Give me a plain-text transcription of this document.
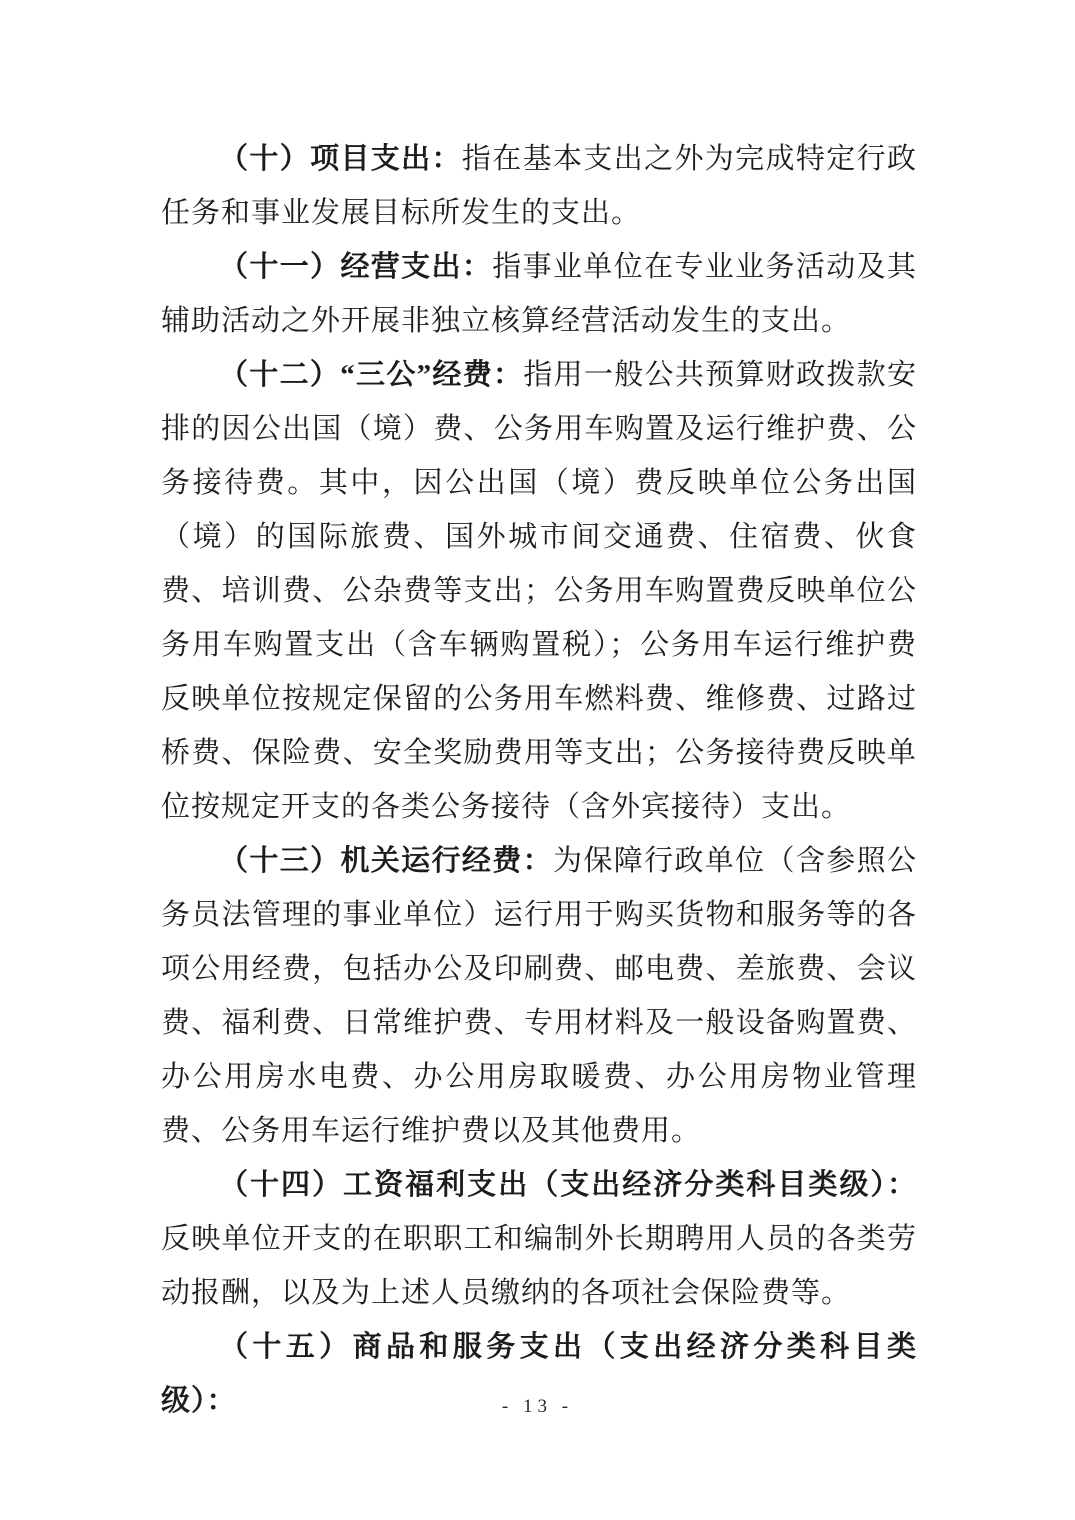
（十）项目支出：指在基本支出之外为完成特定行政任务和事业发展目标所发生的支出。

（十一）经营支出：指事业单位在专业业务活动及其辅助活动之外开展非独立核算经营活动发生的支出。

（十二）“三公”经费：指用一般公共预算财政拨款安排的因公出国（境）费、公务用车购置及运行维护费、公务接待费。其中，因公出国（境）费反映单位公务出国（境）的国际旅费、国外城市间交通费、住宿费、伙食费、培训费、公杂费等支出；公务用车购置费反映单位公务用车购置支出（含车辆购置税）；公务用车运行维护费反映单位按规定保留的公务用车燃料费、维修费、过路过桥费、保险费、安全奖励费用等支出；公务接待费反映单位按规定开支的各类公务接待（含外宾接待）支出。

（十三）机关运行经费：为保障行政单位（含参照公务员法管理的事业单位）运行用于购买货物和服务等的各项公用经费，包括办公及印刷费、邮电费、差旅费、会议费、福利费、日常维护费、专用材料及一般设备购置费、办公用房水电费、办公用房取暖费、办公用房物业管理费、公务用车运行维护费以及其他费用。

（十四）工资福利支出（支出经济分类科目类级）：反映单位开支的在职职工和编制外长期聘用人员的各类劳动报酬，以及为上述人员缴纳的各项社会保险费等。

（十五）商品和服务支出（支出经济分类科目类级）：	- 13 -
